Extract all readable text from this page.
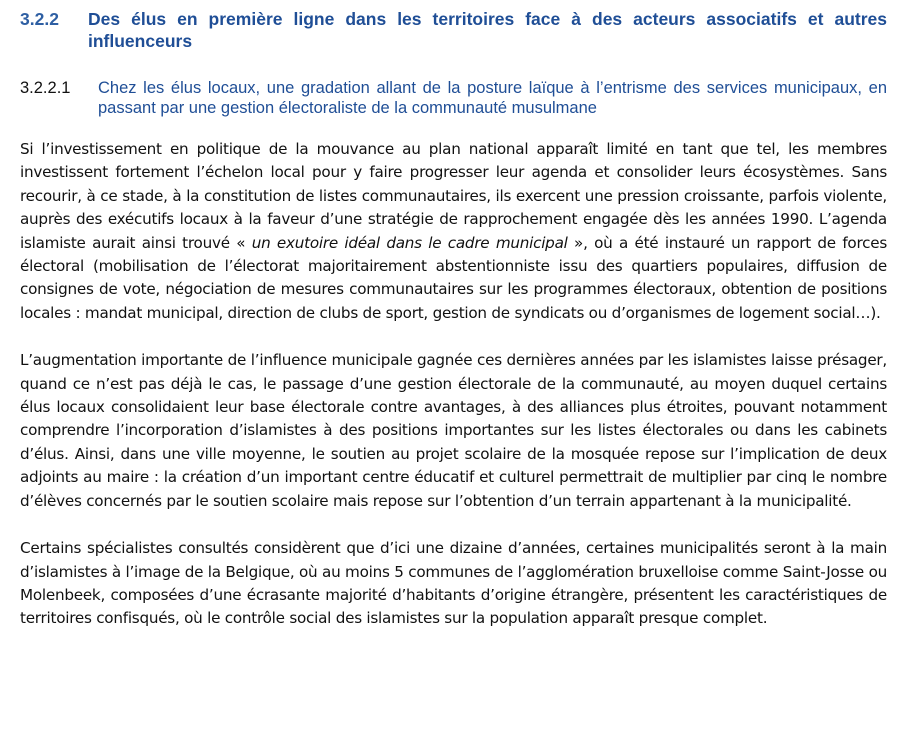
3.2.2	Des élus en première ligne dans les territoires face à des acteurs associatifs et autres influenceurs
3.2.2.1	Chez les élus locaux, une gradation allant de la posture laïque à l’entrisme des services municipaux, en passant par une gestion électoraliste de la communauté musulmane

Si l’investissement en politique de la mouvance au plan national apparaît limité en tant que tel, les membres investissent fortement l’échelon local pour y faire progresser leur agenda et consolider leurs écosystèmes. Sans recourir, à ce stade, à la constitution de listes communautaires, ils exercent une pression croissante, parfois violente, auprès des exécutifs locaux à la faveur d’une stratégie de rapprochement engagée dès les années 1990. L’agenda islamiste aurait ainsi trouvé « un exutoire idéal dans le cadre municipal », où a été instauré un rapport de forces électoral (mobilisation de l’électorat majoritairement abstentionniste issu des quartiers populaires, diffusion de consignes de vote, négociation de mesures communautaires sur les programmes électoraux, obtention de positions locales : mandat municipal, direction de clubs de sport, gestion de syndicats ou d’organismes de logement social…).

L’augmentation importante de l’influence municipale gagnée ces dernières années par les islamistes laisse présager, quand ce n’est pas déjà le cas, le passage d’une gestion électorale de la communauté, au moyen duquel certains élus locaux consolidaient leur base électorale contre avantages, à des alliances plus étroites, pouvant notamment comprendre l’incorporation d’islamistes à des positions importantes sur les listes électorales ou dans les cabinets d’élus. Ainsi, dans une ville moyenne, le soutien au projet scolaire de la mosquée repose sur l’implication de deux adjoints au maire : la création d’un important centre éducatif et culturel permettrait de multiplier par cinq le nombre d’élèves concernés par le soutien scolaire mais repose sur l’obtention d’un terrain appartenant à la municipalité.

Certains spécialistes consultés considèrent que d’ici une dizaine d’années, certaines municipalités seront à la main d’islamistes à l’image de la Belgique, où au moins 5 communes de l’agglomération bruxelloise comme Saint-Josse ou Molenbeek, composées d’une écrasante majorité d’habitants d’origine étrangère, présentent les caractéristiques de territoires confisqués, où le contrôle social des islamistes sur la population apparaît presque complet.
